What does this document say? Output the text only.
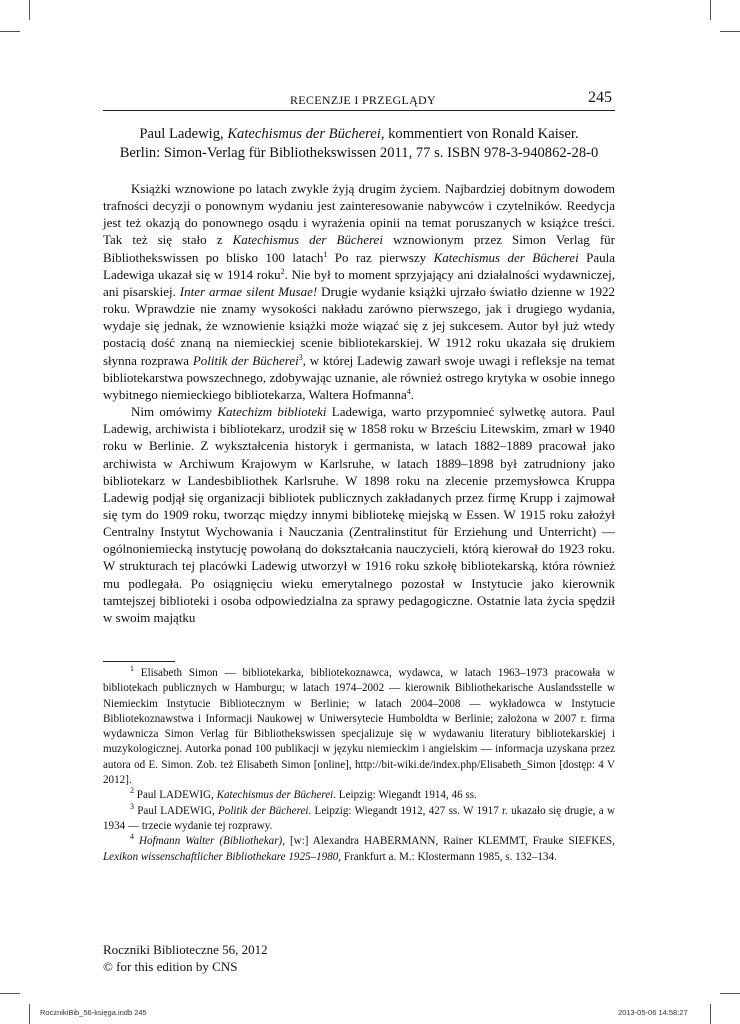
RECENZJE I PRZEGLĄDY	245
Paul Ladewig, Katechismus der Bücherei, kommentiert von Ronald Kaiser.
Berlin: Simon-Verlag für Bibliothekswissen 2011, 77 s. ISBN 978-3-940862-28-0

Książki wznowione po latach zwykle żyją drugim życiem. Najbardziej dobitnym dowodem trafności decyzji o ponownym wydaniu jest zainteresowanie nabywców i czytelników. Reedycja jest też okazją do ponownego osądu i wyrażenia opinii na temat poruszanych w książce treści. Tak też się stało z Katechismus der Bücherei wznowionym przez Simon Verlag für Bibliothekswissen po blisko 100 latach$^1$ Po raz pierwszy Katechismus der Bücherei Paula Ladewiga ukazał się w 1914 roku$^2$. Nie był to moment sprzyjający ani działalności wydawniczej, ani pisarskiej. Inter armae silent Musae! Drugie wydanie książki ujrzało światło dzienne w 1922 roku. Wprawdzie nie znamy wysokości nakładu zarówno pierwszego, jak i drugiego wydania, wydaje się jednak, że wznowienie książki może wiązać się z jej sukcesem. Autor był już wtedy postacią dość znaną na niemieckiej scenie bibliotekarskiej. W 1912 roku ukazała się drukiem słynna rozprawa Politik der Bücherei$^3$, w której Ladewig zawarł swoje uwagi i refleksje na temat bibliotekarstwa powszechnego, zdobywając uznanie, ale również ostrego krytyka w osobie innego wybitnego niemieckiego bibliotekarza, Waltera Hofmanna$^4$.

Nim omówimy Katechizm biblioteki Ladewiga, warto przypomnieć sylwetkę autora. Paul Ladewig, archiwista i bibliotekarz, urodził się w 1858 roku w Brześciu Litewskim, zmarł w 1940 roku w Berlinie. Z wykształcenia historyk i germanista, w latach 1882–1889 pracował jako archiwista w Archiwum Krajowym w Karlsruhe, w latach 1889–1898 był zatrudniony jako bibliotekarz w Landesbibliothek Karlsruhe. W 1898 roku na zlecenie przemysłowca Kruppa Ladewig podjął się organizacji bibliotek publicznych zakładanych przez firmę Krupp i zajmował się tym do 1909 roku, tworząc między innymi bibliotekę miejską w Essen. W 1915 roku założył Centralny Instytut Wychowania i Nauczania (Zentralinstitut für Erziehung und Unterricht) — ogólnoniemiecką instytucję powołaną do dokształcania nauczycieli, którą kierował do 1923 roku. W strukturach tej placówki Ladewig utworzył w 1916 roku szkołę bibliotekarską, która również mu podlegała. Po osiągnięciu wieku emerytalnego pozostał w Instytucie jako kierownik tamtejszej biblioteki i osoba odpowiedzialna za sprawy pedagogiczne. Ostatnie lata życia spędził w swoim majątku

$^1$ Elisabeth Simon — bibliotekarka, bibliotekoznawca, wydawca, w latach 1963–1973 pracowała w bibliotekach publicznych w Hamburgu; w latach 1974–2002 — kierownik Bibliothekarische Auslandsstelle w Niemieckim Instytucie Bibliotecznym w Berlinie; w latach 2004–2008 — wykładowca w Instytucie Bibliotekoznawstwa i Informacji Naukowej w Uniwersytecie Humboldta w Berlinie; założona w 2007 r. firma wydawnicza Simon Verlag für Bibliothekswissen specjalizuje się w wydawaniu literatury bibliotekarskiej i muzykologicznej. Autorka ponad 100 publikacji w języku niemieckim i angielskim — informacja uzyskana przez autora od E. Simon. Zob. też Elisabeth Simon [online], http://bit-wiki.de/index.php/Elisabeth_Simon [dostęp: 4 V 2012].

$^2$ Paul LADEWIG, Katechismus der Bücherei. Leipzig: Wiegandt 1914, 46 ss.

$^3$ Paul LADEWIG, Politik der Bücherei. Leipzig: Wiegandt 1912, 427 ss. W 1917 r. ukazało się drugie, a w 1934 — trzecie wydanie tej rozprawy.

$^4$ Hofmann Walter (Bibliothekar), [w:] Alexandra HABERMANN, Rainer KLEMMT, Frauke SIEFKES, Lexikon wissenschaftlicher Bibliothekare 1925–1980, Frankfurt a. M.: Klostermann 1985, s. 132–134.

Roczniki Biblioteczne 56, 2012
© for this edition by CNS
RocznikiBib_56-księga.indb 245	2013-05-06 14:58:27
